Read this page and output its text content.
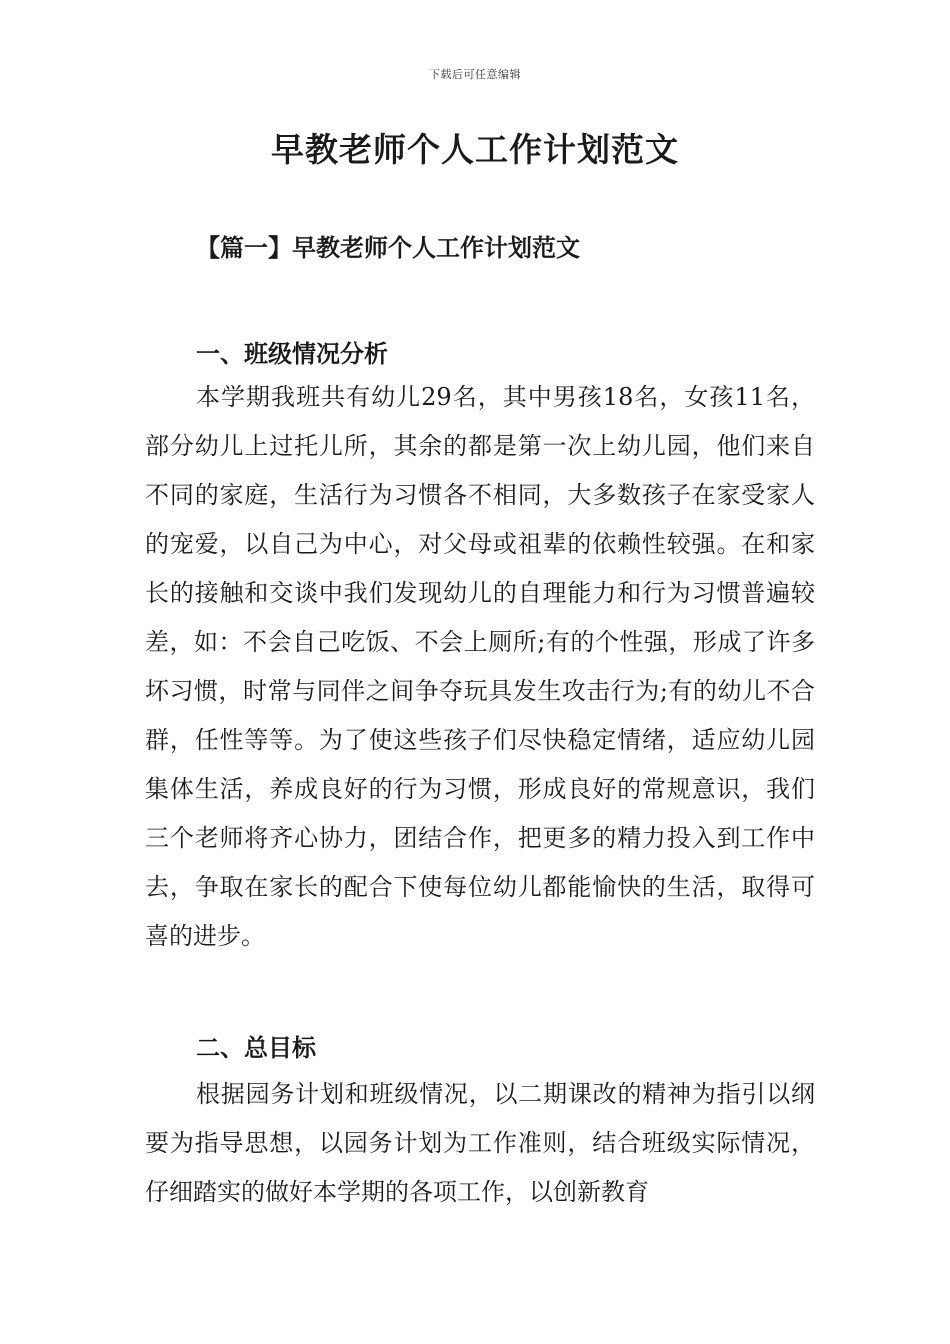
下载后可任意编辑
早教老师个人工作计划范文
【篇一】早教老师个人工作计划范文
一、班级情况分析

本学期我班共有幼儿29名，其中男孩18名，女孩11名，部分幼儿上过托儿所，其余的都是第一次上幼儿园，他们来自不同的家庭，生活行为习惯各不相同，大多数孩子在家受家人的宠爱，以自己为中心，对父母或祖辈的依赖性较强。在和家长的接触和交谈中我们发现幼儿的自理能力和行为习惯普遍较差，如：不会自己吃饭、不会上厕所;有的个性强，形成了许多坏习惯，时常与同伴之间争夺玩具发生攻击行为;有的幼儿不合群，任性等等。为了使这些孩子们尽快稳定情绪，适应幼儿园集体生活，养成良好的行为习惯，形成良好的常规意识，我们三个老师将齐心协力，团结合作，把更多的精力投入到工作中去，争取在家长的配合下使每位幼儿都能愉快的生活，取得可喜的进步。

二、总目标

根据园务计划和班级情况，以二期课改的精神为指引以纲要为指导思想，以园务计划为工作准则，结合班级实际情况，仔细踏实的做好本学期的各项工作，以创新教育
